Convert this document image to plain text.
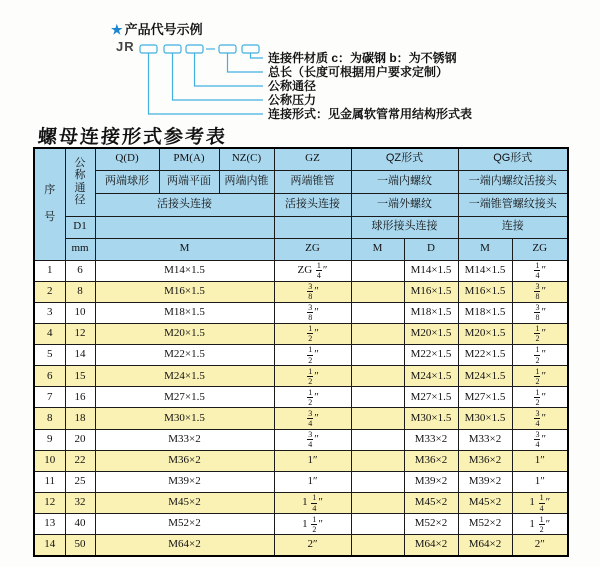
★ 产品代号示例
JR
连接件材质 c：为碳钢 b：为不锈钢
总长（长度可根据用户要求定制）
公称通径
公称压力
连接形式：见金属软管常用结构形式表
螺母连接形式参考表
序
号	公
称
通
径	Q(D)	PM(A)	NZ(C)	GZ	QZ形式		QG形式	
		两端球形	两端平面	两端内锥	两端锥管	一端内螺纹		一端内螺纹活接头	
		活接头连接			活接头连接	一端外螺纹		一端锥管螺纹接头	
	D1					球形接头连接		连接	
	mm	M			ZG	M	D	M	ZG
1	6	M14×1.5			ZG $\frac{1}{4}$ ″		M14×1.5	M14×1.5	$\frac{1}{4}$ ″
2	8	M16×1.5			$\frac{3}{8}$ ″		M16×1.5	M16×1.5	$\frac{3}{8}$ ″
3	10	M18×1.5			$\frac{3}{8}$ ″		M18×1.5	M18×1.5	$\frac{3}{8}$ ″
4	12	M20×1.5			$\frac{1}{2}$ ″		M20×1.5	M20×1.5	$\frac{1}{2}$ ″
5	14	M22×1.5			$\frac{1}{2}$ ″		M22×1.5	M22×1.5	$\frac{1}{2}$ ″
6	15	M24×1.5			$\frac{1}{2}$ ″		M24×1.5	M24×1.5	$\frac{1}{2}$ ″
7	16	M27×1.5			$\frac{1}{2}$ ″		M27×1.5	M27×1.5	$\frac{1}{2}$ ″
8	18	M30×1.5			$\frac{3}{4}$ ″		M30×1.5	M30×1.5	$\frac{3}{4}$ ″
9	20	M33×2			$\frac{3}{4}$ ″		M33×2	M33×2	$\frac{3}{4}$ ″
10	22	M36×2			1″		M36×2	M36×2	1″
11	25	M39×2			1″		M39×2	M39×2	1″
12	32	M45×2			$1 \frac{1}{4}$ ″		M45×2	M45×2	$1 \frac{1}{4}$ ″
13	40	M52×2			$1 \frac{1}{2}$ ″		M52×2	M52×2	$1 \frac{1}{2}$ ″
14	50	M64×2			2″		M64×2	M64×2	2″
